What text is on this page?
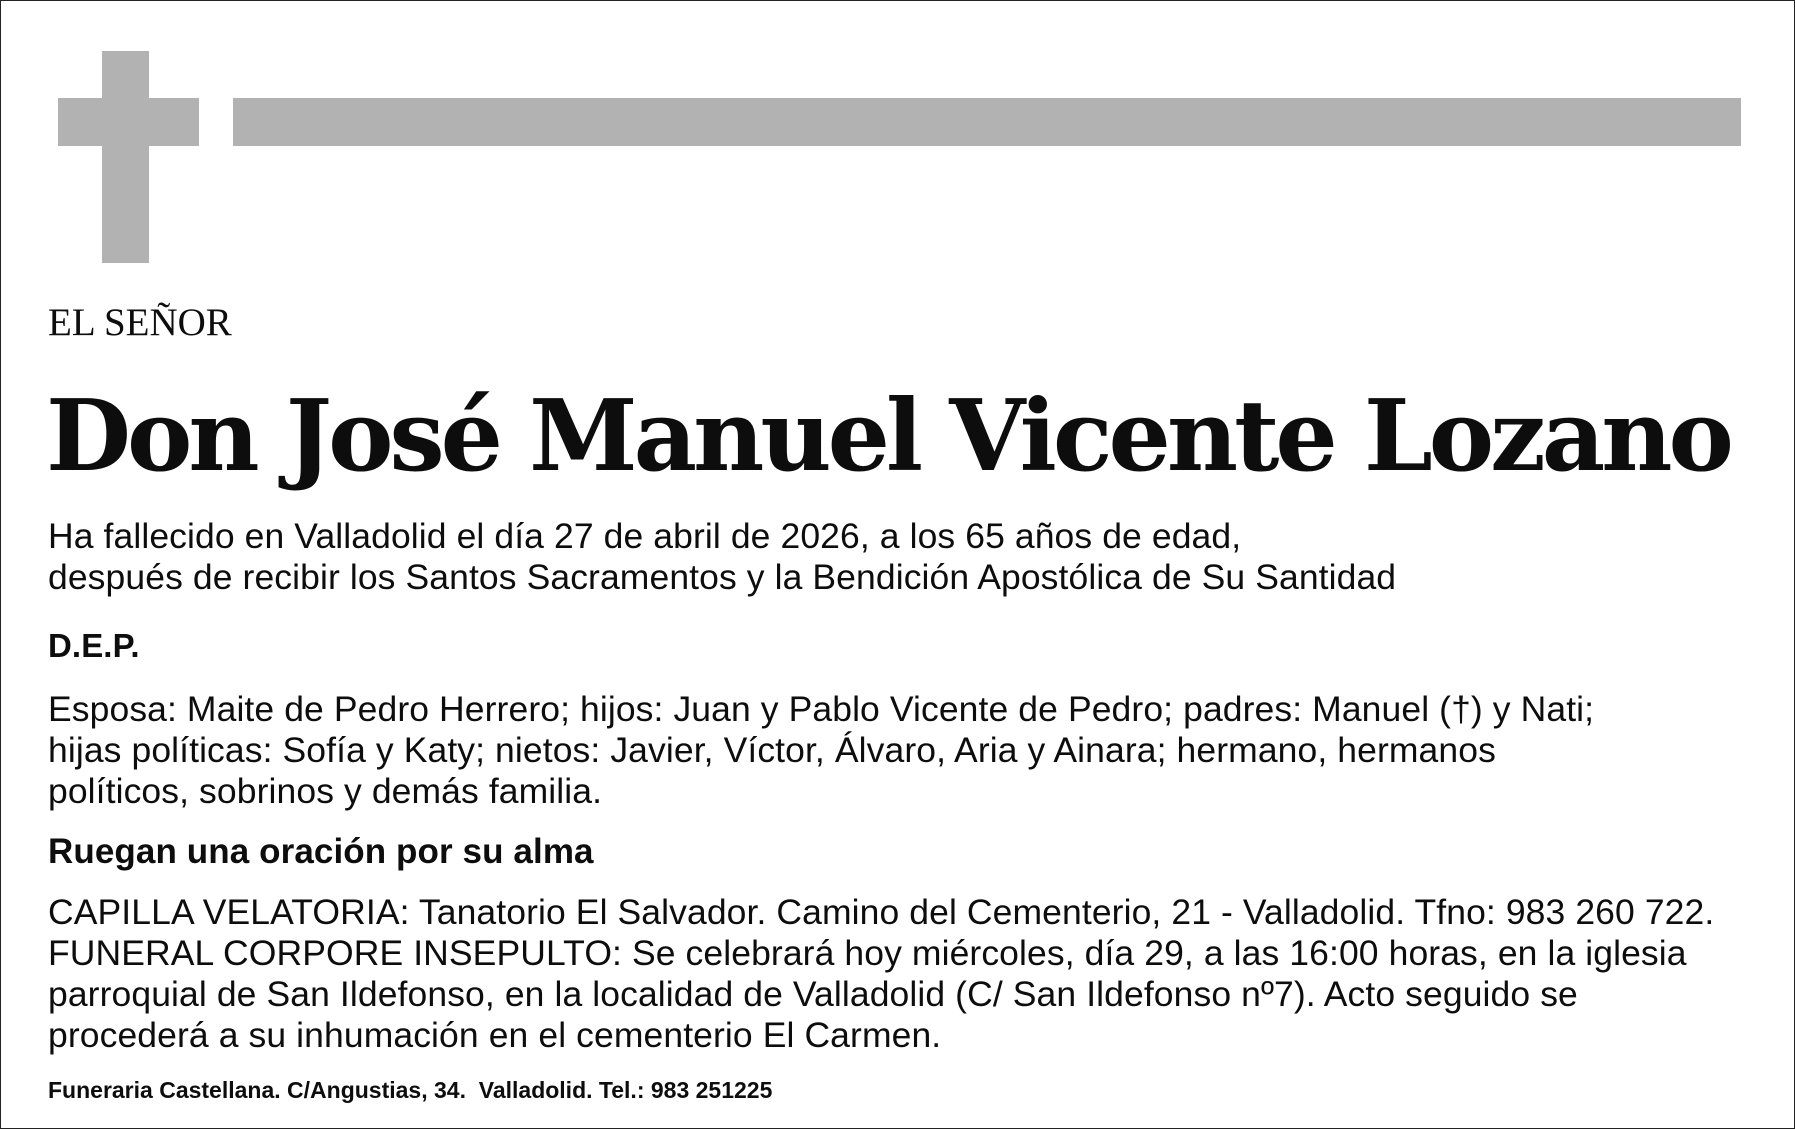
EL SEÑOR
Don José Manuel Vicente Lozano
Ha fallecido en Valladolid el día 27 de abril de 2026, a los 65 años de edad,
después de recibir los Santos Sacramentos y la Bendición Apostólica de Su Santidad
D.E.P.
Esposa: Maite de Pedro Herrero; hijos: Juan y Pablo Vicente de Pedro; padres: Manuel (†) y Nati;
hijas políticas: Sofía y Katy; nietos: Javier, Víctor, Álvaro, Aria y Ainara; hermano, hermanos
políticos, sobrinos y demás familia.
Ruegan una oración por su alma
CAPILLA VELATORIA: Tanatorio El Salvador. Camino del Cementerio, 21 - Valladolid. Tfno: 983 260 722.
FUNERAL CORPORE INSEPULTO: Se celebrará hoy miércoles, día 29, a las 16:00 horas, en la iglesia
parroquial de San Ildefonso, en la localidad de Valladolid (C/ San Ildefonso nº7). Acto seguido se
procederá a su inhumación en el cementerio El Carmen.
Funeraria Castellana. C/Angustias, 34.  Valladolid. Tel.: 983 251225
